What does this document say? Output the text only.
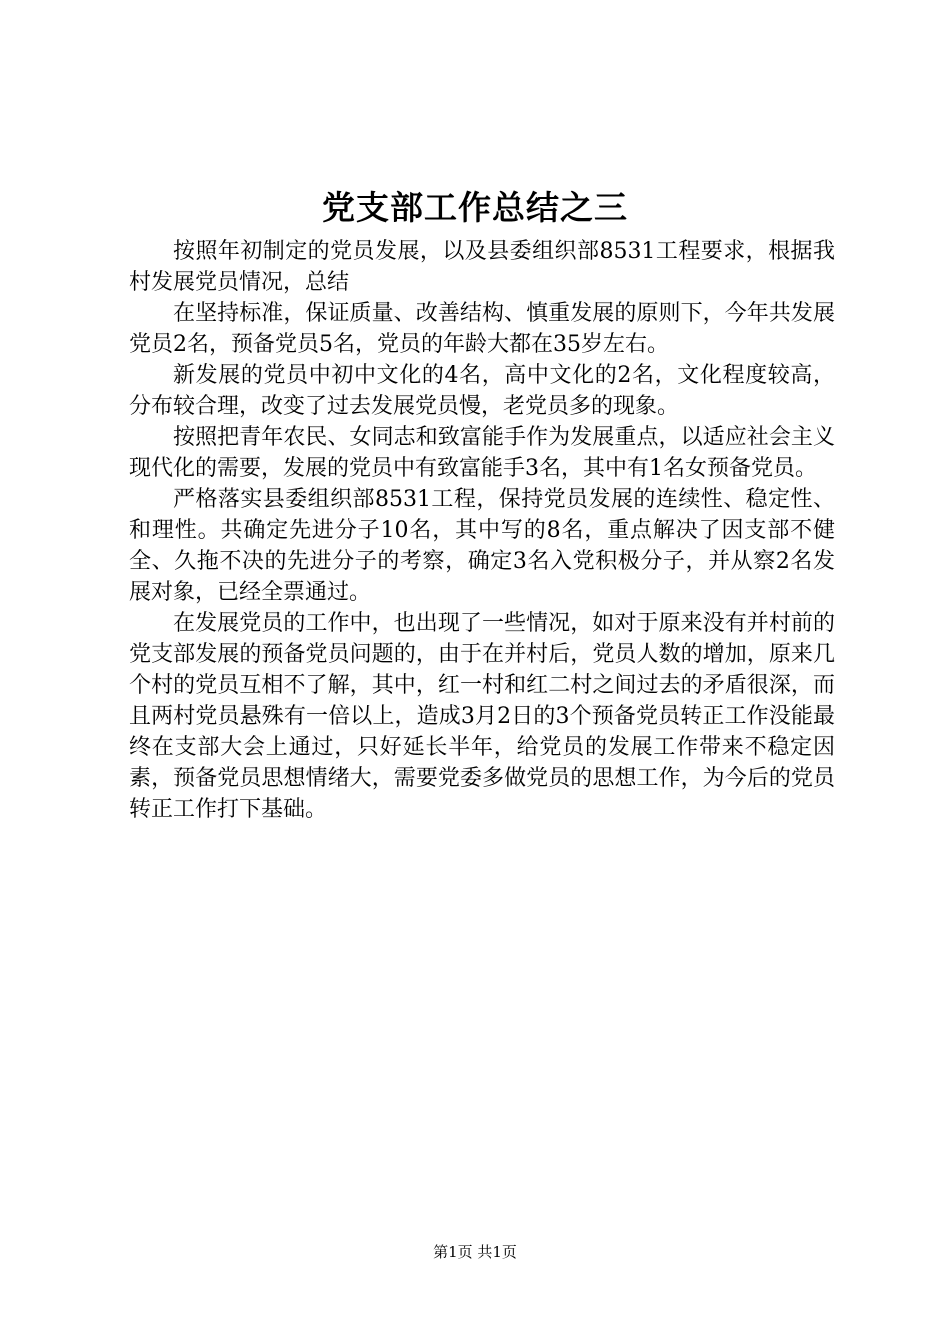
党支部工作总结之三

按照年初制定的党员发展，以及县委组织部8531工程要求，根据我村发展党员情况，总结

在坚持标准，保证质量、改善结构、慎重发展的原则下，今年共发展党员2名，预备党员5名，党员的年龄大都在35岁左右。

新发展的党员中初中文化的4名，高中文化的2名，文化程度较高，分布较合理，改变了过去发展党员慢，老党员多的现象。

按照把青年农民、女同志和致富能手作为发展重点，以适应社会主义现代化的需要，发展的党员中有致富能手3名，其中有1名女预备党员。

严格落实县委组织部8531工程，保持党员发展的连续性、稳定性、和理性。共确定先进分子10名，其中写的8名，重点解决了因支部不健全、久拖不决的先进分子的考察，确定3名入党积极分子，并从察2名发展对象，已经全票通过。

在发展党员的工作中，也出现了一些情况，如对于原来没有并村前的党支部发展的预备党员问题的，由于在并村后，党员人数的增加，原来几个村的党员互相不了解，其中，红一村和红二村之间过去的矛盾很深，而且两村党员悬殊有一倍以上，造成3月2日的3个预备党员转正工作没能最终在支部大会上通过，只好延长半年，给党员的发展工作带来不稳定因素，预备党员思想情绪大，需要党委多做党员的思想工作，为今后的党员转正工作打下基础。

第1页 共1页
